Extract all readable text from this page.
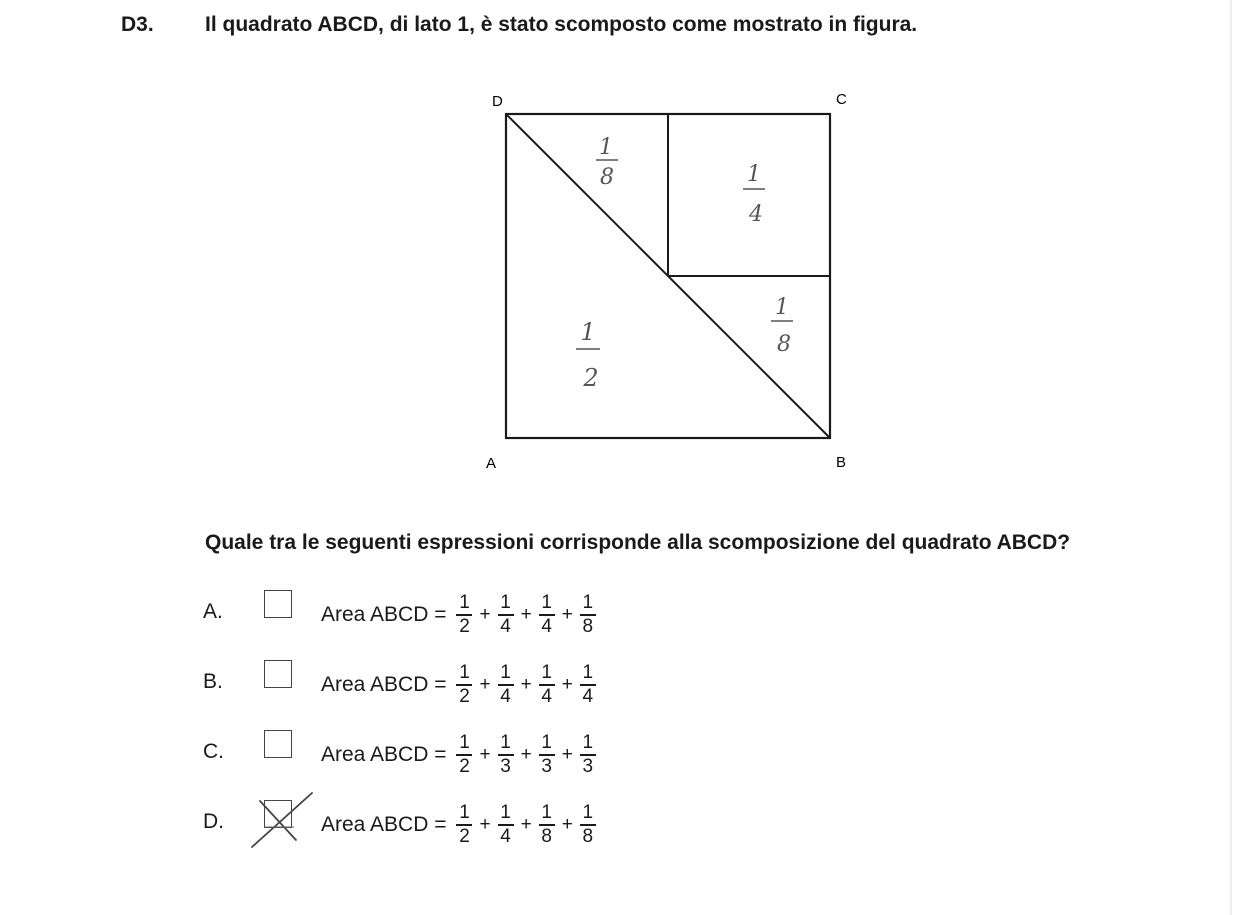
D3. Il quadrato ABCD, di lato 1, è stato scomposto come mostrato in figura.
D	C
A	B
1
8	1
4
1
8
1
2
Quale tra le seguenti espressioni corrisponde alla scomposizione del quadrato ABCD?
A.	Area ABCD = $\frac{1}{2} + \frac{1}{4} + \frac{1}{4} + \frac{1}{8}$
B.	Area ABCD = $\frac{1}{2} + \frac{1}{4} + \frac{1}{4} + \frac{1}{4}$
C.	Area ABCD = $\frac{1}{2} + \frac{1}{3} + \frac{1}{3} + \frac{1}{3}$
D.	Area ABCD = $\frac{1}{2} + \frac{1}{4} + \frac{1}{8} + \frac{1}{8}$
